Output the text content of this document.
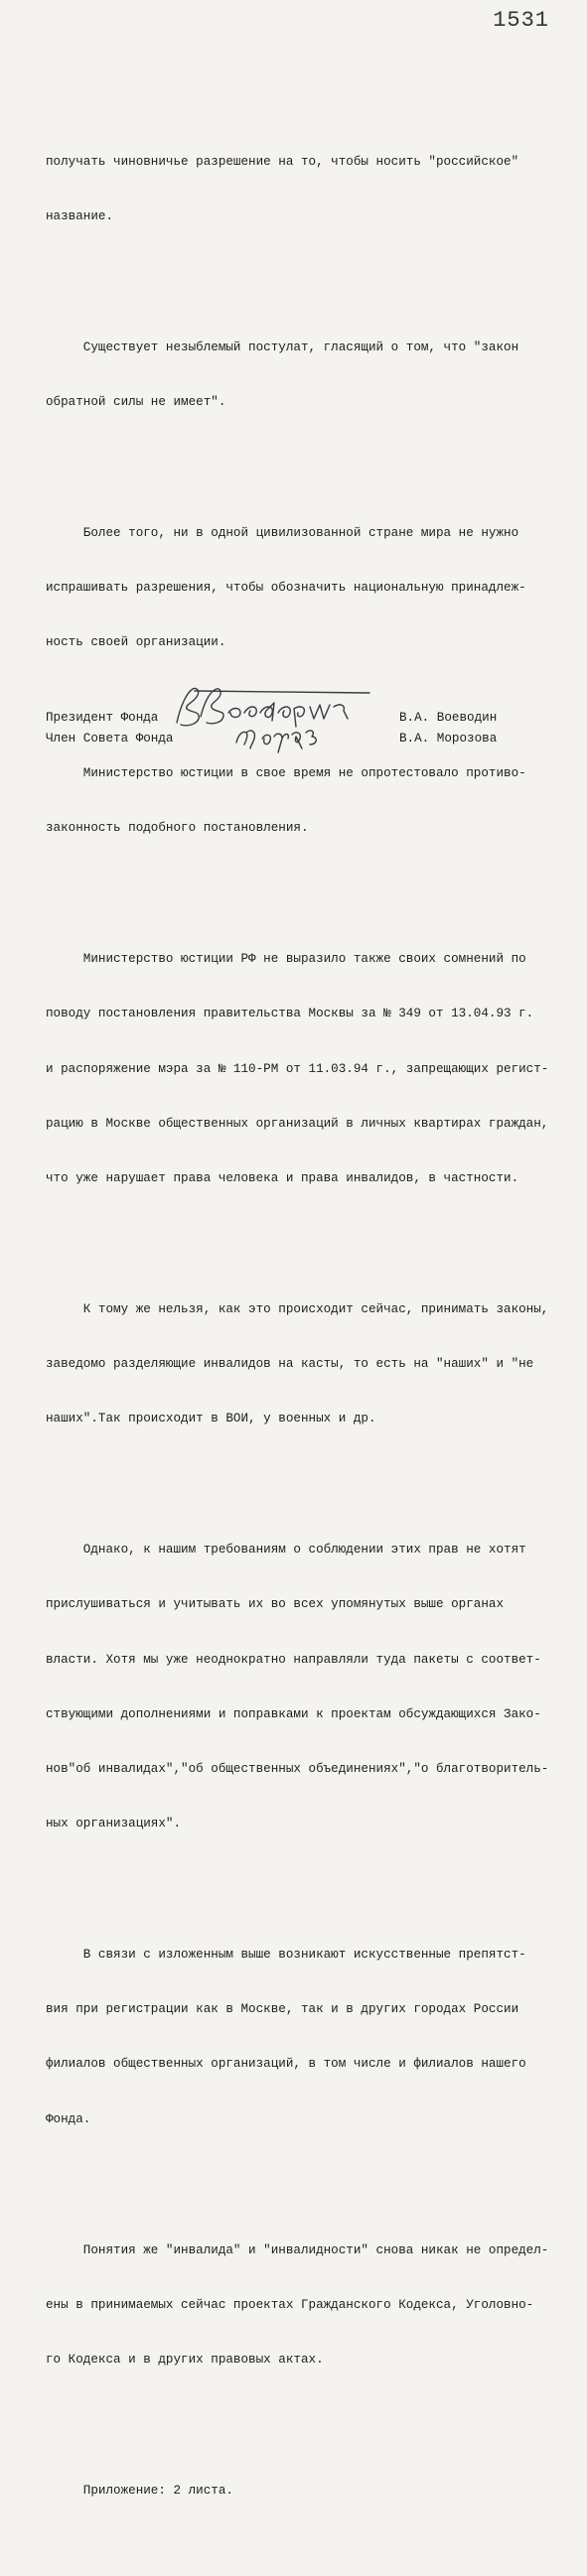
1531

получать чиновничье разрешение на то, чтобы носить "российское"

название.

Существует незыблемый постулат, гласящий о том, что "закон

обратной силы не имеет".

Более того, ни в одной цивилизованной стране мира не нужно

испрашивать разрешения, чтобы обозначить национальную принадлеж-

ность своей организации.

Министерство юстиции в свое время не опротестовало противо-

законность подобного постановления.

Министерство юстиции РФ не выразило также своих сомнений по

поводу постановления правительства Москвы за № 349 от 13.04.93 г.

и распоряжение мэра за № 110-РМ от 11.03.94 г., запрещающих регист-

рацию в Москве общественных организаций в личных квартирах граждан,

что уже нарушает права человека и права инвалидов, в частности.

К тому же нельзя, как это происходит сейчас, принимать законы,

заведомо разделяющие инвалидов на касты, то есть на "наших" и "не

наших".Так происходит в ВОИ, у военных и др.

Однако, к нашим требованиям о соблюдении этих прав не хотят

прислушиваться и учитывать их во всех упомянутых выше органах

власти. Хотя мы уже неоднократно направляли туда пакеты с соответ-

ствующими дополнениями и поправками к проектам обсуждающихся Зако-

нов"об инвалидах","об общественных объединениях","о благотворитель-

ных организациях".

В связи с изложенным выше возникают искусственные препятст-

вия при регистрации как в Москве, так и в других городах России

филиалов общественных организаций, в том числе и филиалов нашего

Фонда.

Понятия же "инвалида" и "инвалидности" снова никак не определ-

ены в принимаемых сейчас проектах Гражданского Кодекса, Уголовно-

го Кодекса и в других правовых актах.

Приложение: 2 листа.

Президент Фонда	В.А. Воеводин
Член Совета Фонда	В.А. Морозова
